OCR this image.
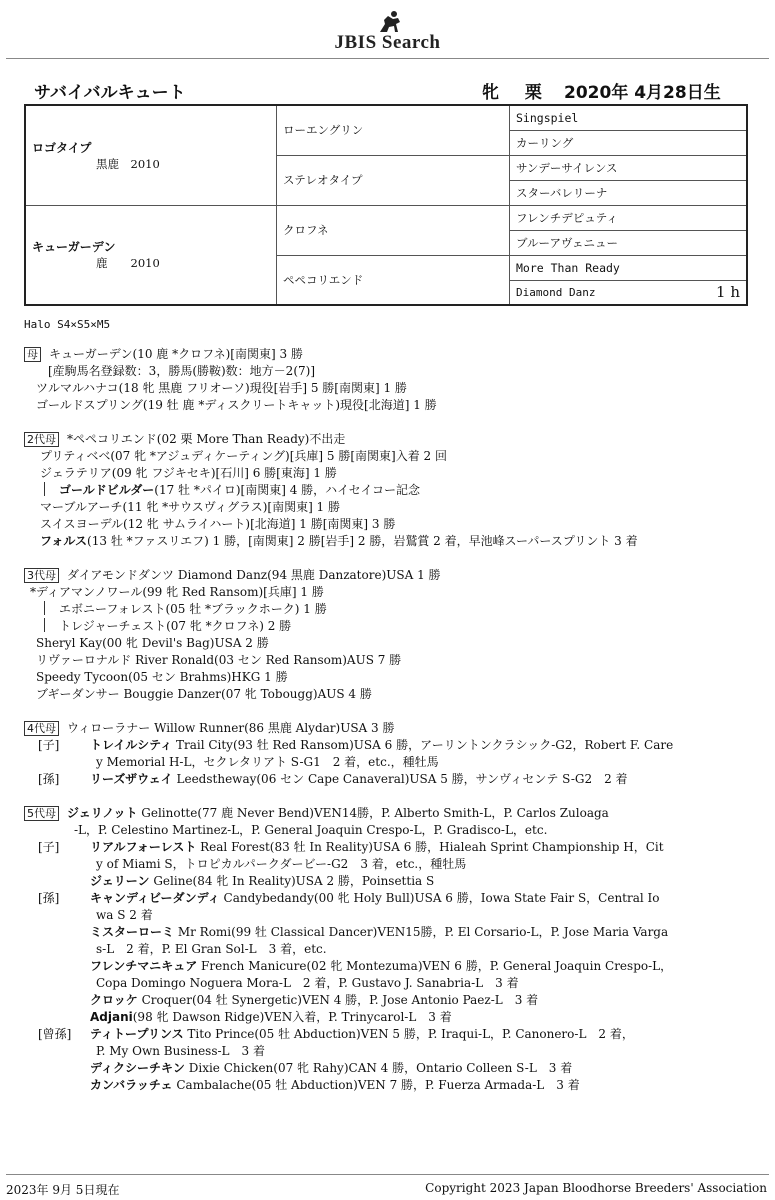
JBIS Search
サバイバルキュート	牝 栗 2020年 4月28日生
ロゴタイプ
黒鹿　2010	ローエングリン	Singspiel
		カーリング
	ステレオタイプ	サンデーサイレンス
		スターバレリーナ

キューガーデン
鹿　　2010	クロフネ	フレンチデピュティ
		ブルーアヴェニュー
	ペペコリエンド	More Than Ready
		Diamond Danz 1 h
Halo S4×S5×M5
母 キューガーデン(10 鹿 *クロフネ)[南関東] 3 勝
[産駒馬名登録数：3，勝馬(勝鞍)数：地方－2(7)]
ツルマルハナコ(18 牝 黒鹿 フリオーソ)現役[岩手] 5 勝[南関東] 1 勝
ゴールドスプリング(19 牡 鹿 *ディスクリートキャット)現役[北海道] 1 勝
2代母 *ペペコリエンド(02 栗 More Than Ready)不出走
プリティベベ(07 牝 *アジュディケーティング)[兵庫] 5 勝[南関東]入着 2 回
ジェラテリア(09 牝 フジキセキ)[石川] 6 勝[東海] 1 勝
ゴールドビルダー(17 牡 *パイロ)[南関東] 4 勝，ハイセイコー記念
マーブルアーチ(11 牝 *サウスヴィグラス)[南関東] 1 勝
スイスヨーデル(12 牝 サムライハート)[北海道] 1 勝[南関東] 3 勝
フォルス(13 牡 *ファスリエフ) 1 勝，[南関東] 2 勝[岩手] 2 勝，岩鷲賞 2 着，早池峰スーパースプリント 3 着
3代母 ダイアモンドダンツ Diamond Danz(94 黒鹿 Danzatore)USA 1 勝
*ディアマンノワール(99 牝 Red Ransom)[兵庫] 1 勝
エボニーフォレスト(05 牡 *ブラックホーク) 1 勝
トレジャーチェスト(07 牝 *クロフネ) 2 勝
Sheryl Kay(00 牝 Devil's Bag)USA 2 勝
リヴァーロナルド River Ronald(03 セン Red Ransom)AUS 7 勝
Speedy Tycoon(05 セン Brahms)HKG 1 勝
ブギーダンサー Bouggie Danzer(07 牝 Tobougg)AUS 4 勝
4代母 ウィローラナー Willow Runner(86 黒鹿 Alydar)USA 3 勝
[子]	トレイルシティ Trail City(93 牡 Red Ransom)USA 6 勝，アーリントンクラシック-G2，Robert F. Care
y Memorial H-L，セクレタリアト S-G1　2 着，etc.，種牡馬
[孫]	リーズザウェイ Leedstheway(06 セン Cape Canaveral)USA 5 勝，サンヴィセンテ S-G2　2 着
5代母 ジェリノット Gelinotte(77 鹿 Never Bend)VEN14勝，P. Alberto Smith-L，P. Carlos Zuloaga
-L，P. Celestino Martinez-L，P. General Joaquin Crespo-L，P. Gradisco-L，etc.
[子]	リアルフォーレスト Real Forest(83 牡 In Reality)USA 6 勝，Hialeah Sprint Championship H，Cit
y of Miami S，トロピカルパークダービー-G2　3 着，etc.，種牡馬
ジェリーン Geline(84 牝 In Reality)USA 2 勝，Poinsettia S
[孫]	キャンディビーダンディ Candybedandy(00 牝 Holy Bull)USA 6 勝，Iowa State Fair S，Central Io
wa S 2 着
ミスターローミ Mr Romi(99 牡 Classical Dancer)VEN15勝，P. El Corsario-L，P. Jose Maria Varga
s-L　2 着，P. El Gran Sol-L　3 着，etc.
フレンチマニキュア French Manicure(02 牝 Montezuma)VEN 6 勝，P. General Joaquin Crespo-L，
Copa Domingo Noguera Mora-L　2 着，P. Gustavo J. Sanabria-L　3 着
クロッケ Croquer(04 牡 Synergetic)VEN 4 勝，P. Jose Antonio Paez-L　3 着
Adjani(98 牝 Dawson Ridge)VEN入着，P. Trinycarol-L　3 着
[曾孫] ティトープリンス Tito Prince(05 牡 Abduction)VEN 5 勝，P. Iraqui-L，P. Canonero-L　2 着，
P. My Own Business-L　3 着
ディクシーチキン Dixie Chicken(07 牝 Rahy)CAN 4 勝，Ontario Colleen S-L　3 着
カンバラッチェ Cambalache(05 牡 Abduction)VEN 7 勝，P. Fuerza Armada-L　3 着
2023年 9月 5日現在	Copyright 2023 Japan Bloodhorse Breeders' Association
